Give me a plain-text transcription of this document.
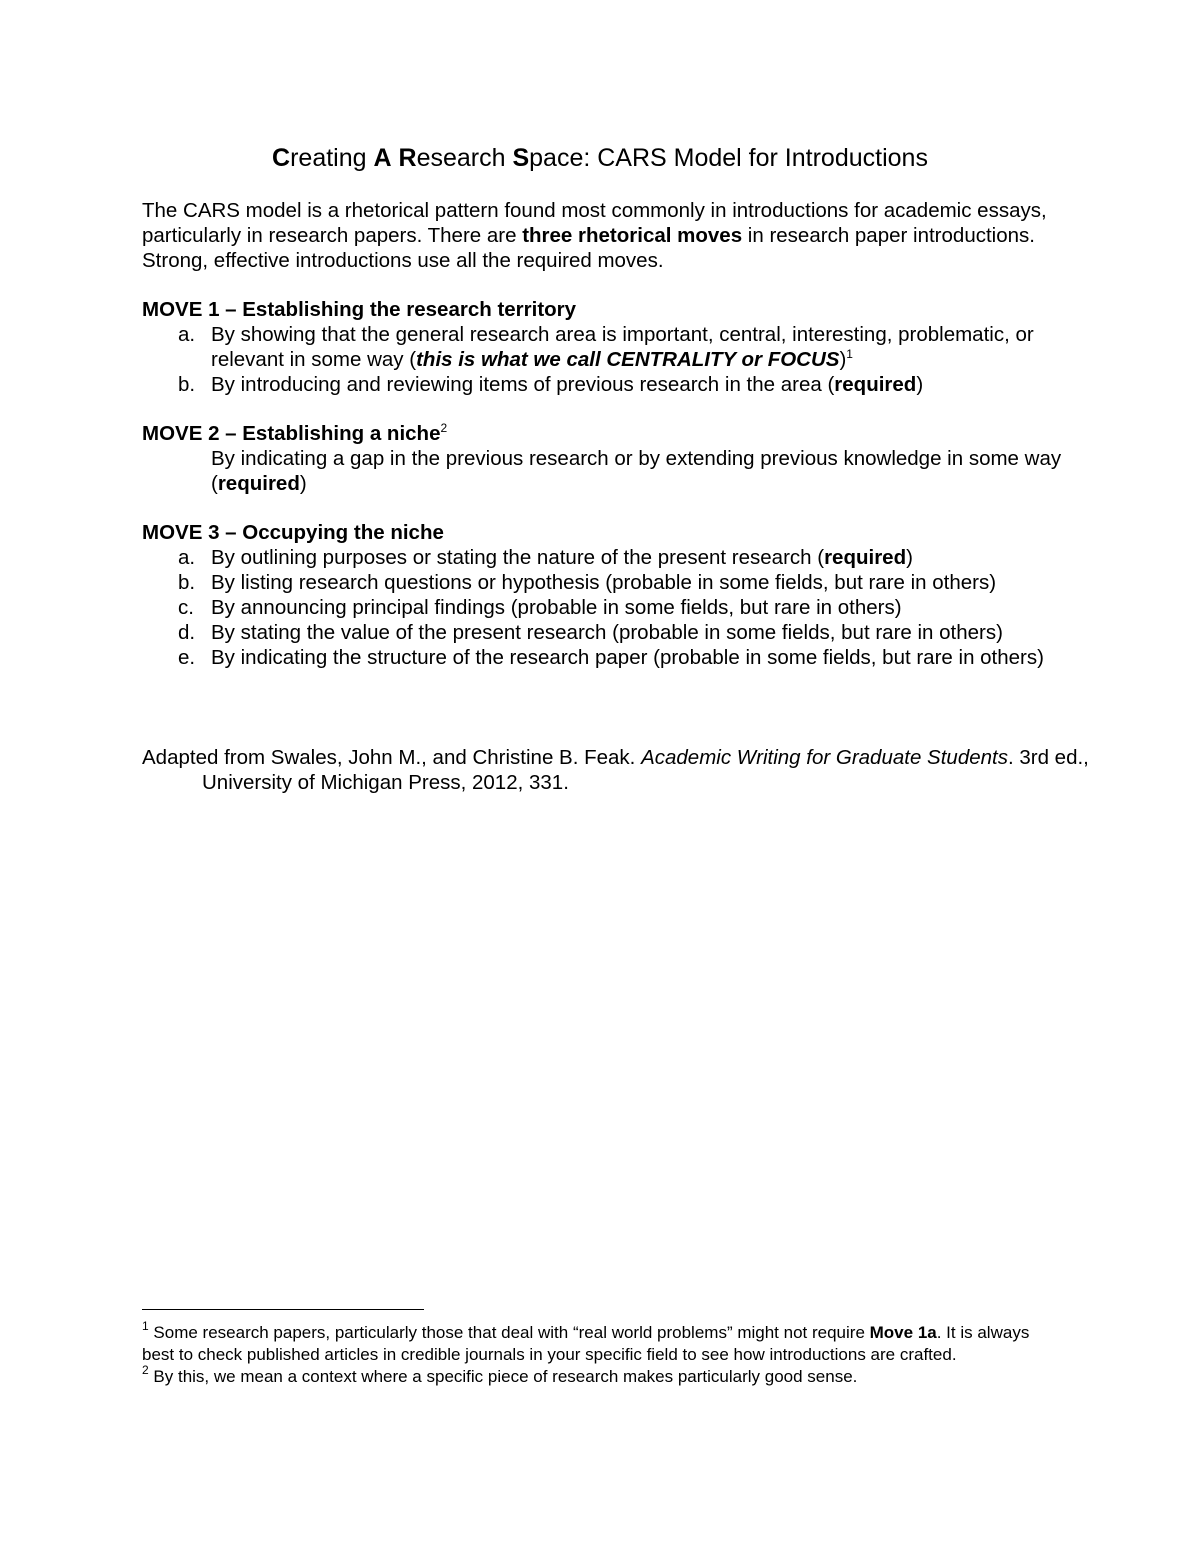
Creating A Research Space: CARS Model for Introductions

The CARS model is a rhetorical pattern found most commonly in introductions for academic essays, particularly in research papers. There are three rhetorical moves in research paper introductions. Strong, effective introductions use all the required moves.

MOVE 1 – Establishing the research territory

a. By showing that the general research area is important, central, interesting, problematic, or relevant in some way (this is what we call CENTRALITY or FOCUS)$^1$
b. By introducing and reviewing items of previous research in the area (required)

MOVE 2 – Establishing a niche$^2$

By indicating a gap in the previous research or by extending previous knowledge in some way (required)

MOVE 3 – Occupying the niche

a. By outlining purposes or stating the nature of the present research (required)
b. By listing research questions or hypothesis (probable in some fields, but rare in others)
c. By announcing principal findings (probable in some fields, but rare in others)
d. By stating the value of the present research (probable in some fields, but rare in others)
e. By indicating the structure of the research paper (probable in some fields, but rare in others)

Adapted from Swales, John M., and Christine B. Feak. Academic Writing for Graduate Students. 3rd ed., University of Michigan Press, 2012, 331.

$^1$ Some research papers, particularly those that deal with “real world problems” might not require Move 1a. It is always best to check published articles in credible journals in your specific field to see how introductions are crafted.

$^2$ By this, we mean a context where a specific piece of research makes particularly good sense.
